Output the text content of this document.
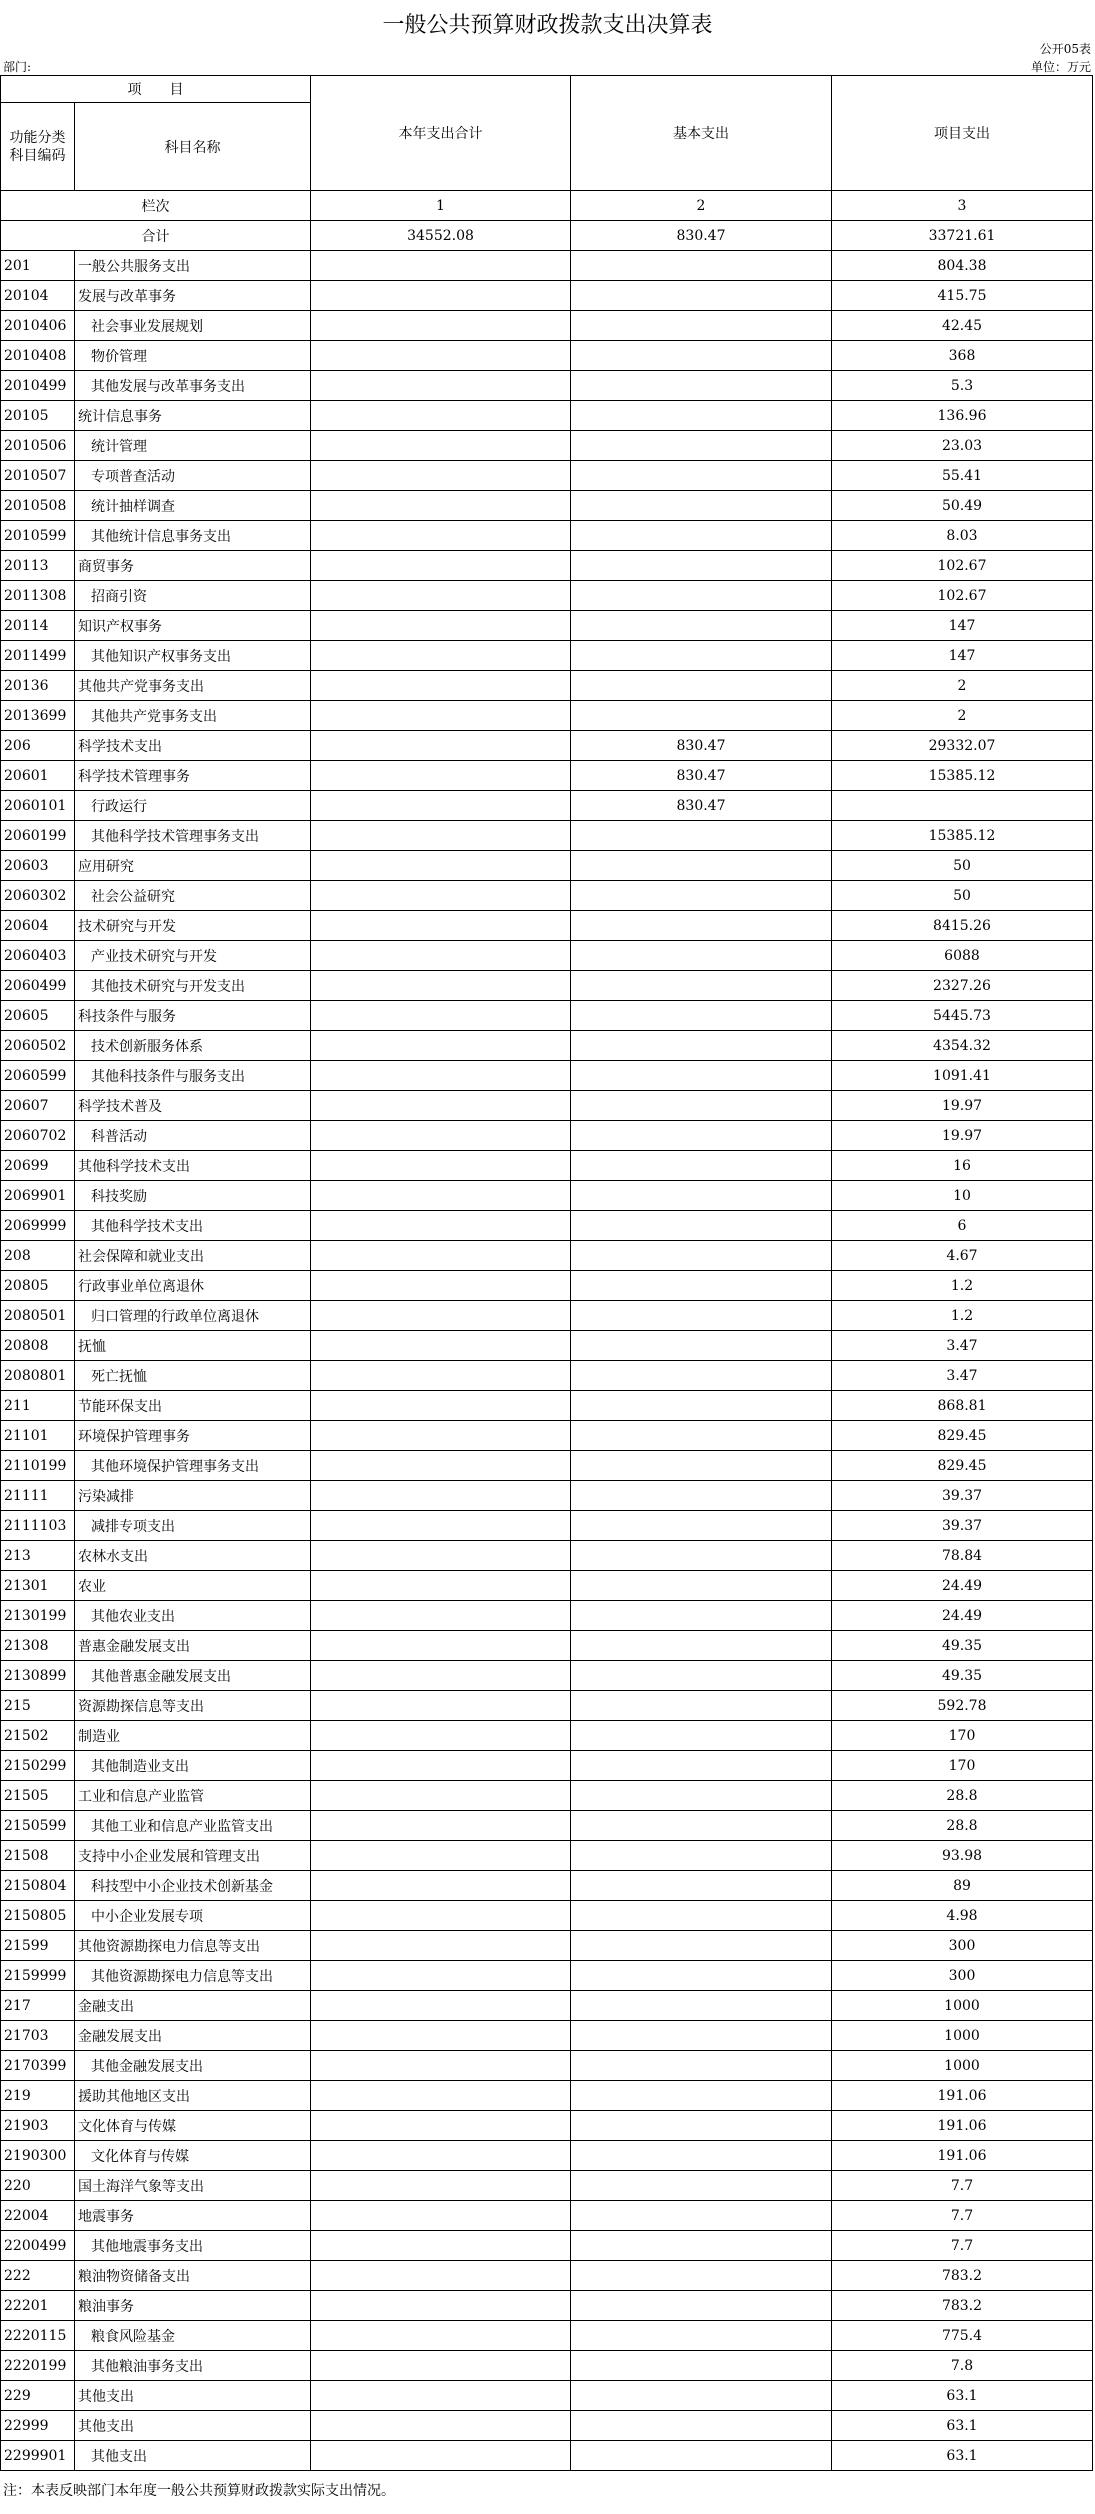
一般公共预算财政拨款支出决算表
公开05表
部门:	单位：万元
项　　目		本年支出合计	基本支出	项目支出
功能分类
科目编码	科目名称			
栏次		1	2	3
合计		34552.08	830.47	33721.61
201	一般公共服务支出			804.38
20104	发展与改革事务			415.75
2010406	社会事业发展规划			42.45
2010408	物价管理			368
2010499	其他发展与改革事务支出			5.3
20105	统计信息事务			136.96
2010506	统计管理			23.03
2010507	专项普查活动			55.41
2010508	统计抽样调查			50.49
2010599	其他统计信息事务支出			8.03
20113	商贸事务			102.67
2011308	招商引资			102.67
20114	知识产权事务			147
2011499	其他知识产权事务支出			147
20136	其他共产党事务支出			2
2013699	其他共产党事务支出			2
206	科学技术支出		830.47	29332.07
20601	科学技术管理事务		830.47	15385.12
2060101	行政运行		830.47	
2060199	其他科学技术管理事务支出			15385.12
20603	应用研究			50
2060302	社会公益研究			50
20604	技术研究与开发			8415.26
2060403	产业技术研究与开发			6088
2060499	其他技术研究与开发支出			2327.26
20605	科技条件与服务			5445.73
2060502	技术创新服务体系			4354.32
2060599	其他科技条件与服务支出			1091.41
20607	科学技术普及			19.97
2060702	科普活动			19.97
20699	其他科学技术支出			16
2069901	科技奖励			10
2069999	其他科学技术支出			6
208	社会保障和就业支出			4.67
20805	行政事业单位离退休			1.2
2080501	归口管理的行政单位离退休			1.2
20808	抚恤			3.47
2080801	死亡抚恤			3.47
211	节能环保支出			868.81
21101	环境保护管理事务			829.45
2110199	其他环境保护管理事务支出			829.45
21111	污染减排			39.37
2111103	减排专项支出			39.37
213	农林水支出			78.84
21301	农业			24.49
2130199	其他农业支出			24.49
21308	普惠金融发展支出			49.35
2130899	其他普惠金融发展支出			49.35
215	资源勘探信息等支出			592.78
21502	制造业			170
2150299	其他制造业支出			170
21505	工业和信息产业监管			28.8
2150599	其他工业和信息产业监管支出			28.8
21508	支持中小企业发展和管理支出			93.98
2150804	科技型中小企业技术创新基金			89
2150805	中小企业发展专项			4.98
21599	其他资源勘探电力信息等支出			300
2159999	其他资源勘探电力信息等支出			300
217	金融支出			1000
21703	金融发展支出			1000
2170399	其他金融发展支出			1000
219	援助其他地区支出			191.06
21903	文化体育与传媒			191.06
2190300	文化体育与传媒			191.06
220	国土海洋气象等支出			7.7
22004	地震事务			7.7
2200499	其他地震事务支出			7.7
222	粮油物资储备支出			783.2
22201	粮油事务			783.2
2220115	粮食风险基金			775.4
2220199	其他粮油事务支出			7.8
229	其他支出			63.1
22999	其他支出			63.1
2299901	其他支出			63.1
注：本表反映部门本年度一般公共预算财政拨款实际支出情况。
